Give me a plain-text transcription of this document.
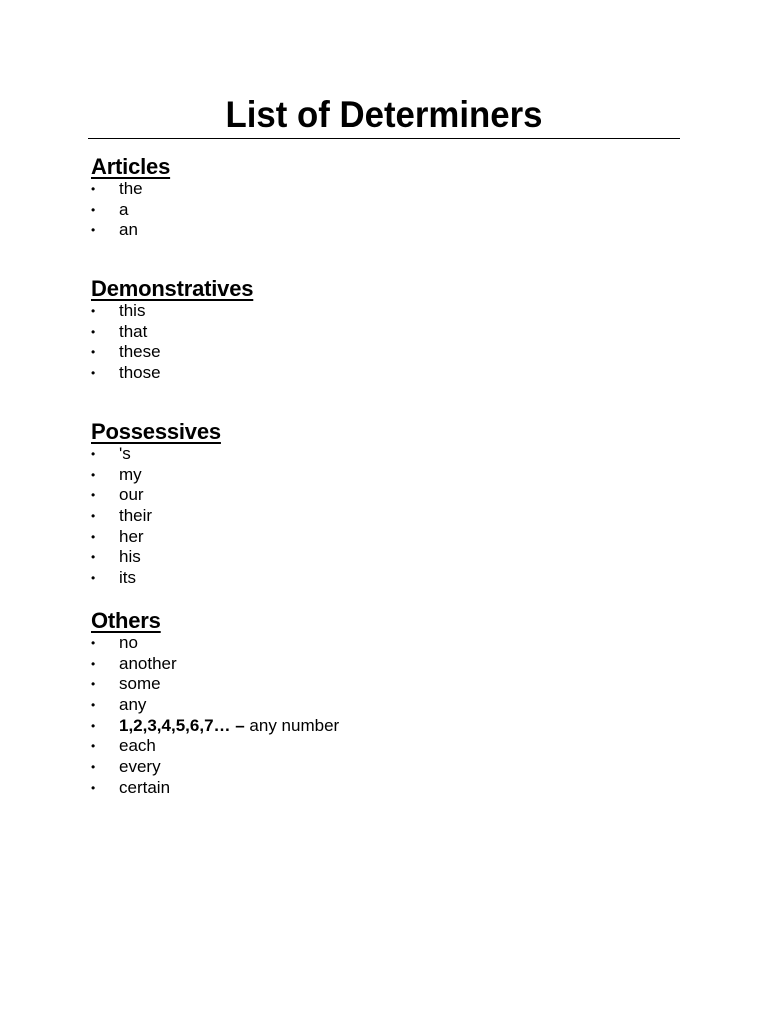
List of Determiners
Articles
• the
• a
• an
Demonstratives
• this
• that
• these
• those
Possessives
• 's
• my
• our
• their
• her
• his
• its
Others
• no
• another
• some
• any
• 1,2,3,4,5,6,7… – any number
• each
• every
• certain
